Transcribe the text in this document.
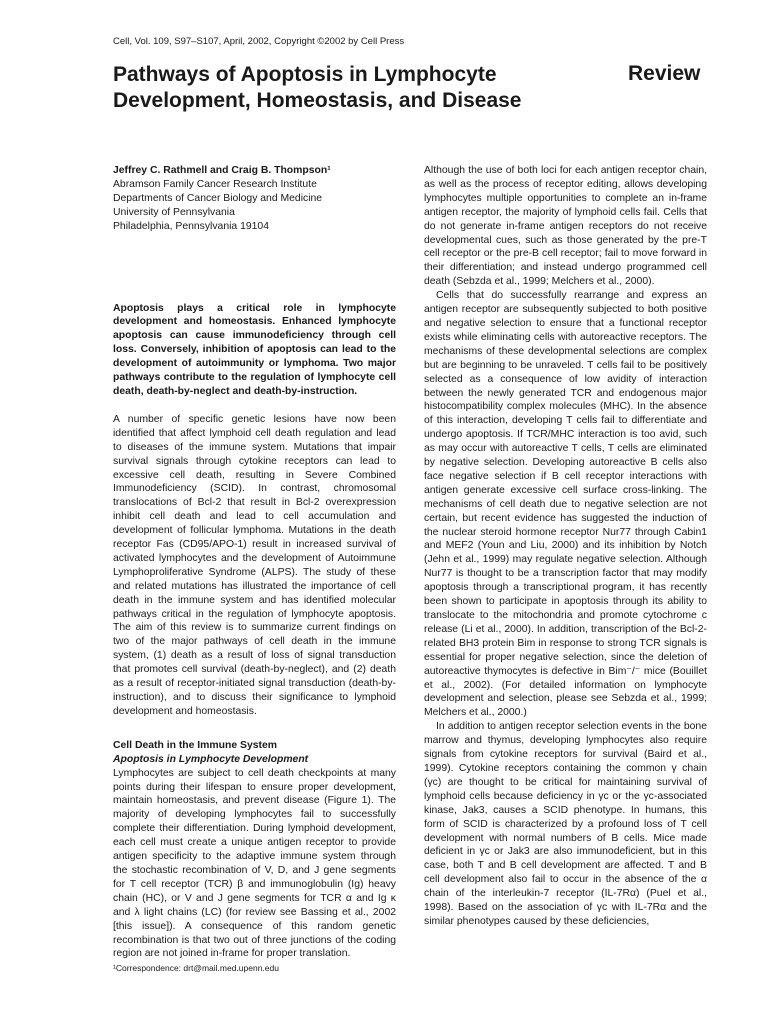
Cell, Vol. 109, S97–S107, April, 2002, Copyright ©2002 by Cell Press
Pathways of Apoptosis in Lymphocyte Development, Homeostasis, and Disease
Review
Jeffrey C. Rathmell and Craig B. Thompson¹
Abramson Family Cancer Research Institute
Departments of Cancer Biology and Medicine
University of Pennsylvania
Philadelphia, Pennsylvania 19104

Apoptosis plays a critical role in lymphocyte development and homeostasis. Enhanced lymphocyte apoptosis can cause immunodeficiency through cell loss. Conversely, inhibition of apoptosis can lead to the development of autoimmunity or lymphoma. Two major pathways contribute to the regulation of lymphocyte cell death, death-by-neglect and death-by-instruction.

A number of specific genetic lesions have now been identified that affect lymphoid cell death regulation and lead to diseases of the immune system. Mutations that impair survival signals through cytokine receptors can lead to excessive cell death, resulting in Severe Combined Immunodeficiency (SCID). In contrast, chromosomal translocations of Bcl-2 that result in Bcl-2 overexpression inhibit cell death and lead to cell accumulation and development of follicular lymphoma. Mutations in the death receptor Fas (CD95/APO-1) result in increased survival of activated lymphocytes and the development of Autoimmune Lymphoproliferative Syndrome (ALPS). The study of these and related mutations has illustrated the importance of cell death in the immune system and has identified molecular pathways critical in the regulation of lymphocyte apoptosis. The aim of this review is to summarize current findings on two of the major pathways of cell death in the immune system, (1) death as a result of loss of signal transduction that promotes cell survival (death-by-neglect), and (2) death as a result of receptor-initiated signal transduction (death-by-instruction), and to discuss their significance to lymphoid development and homeostasis.

Cell Death in the Immune System
Apoptosis in Lymphocyte Development

Lymphocytes are subject to cell death checkpoints at many points during their lifespan to ensure proper development, maintain homeostasis, and prevent disease (Figure 1). The majority of developing lymphocytes fail to successfully complete their differentiation. During lymphoid development, each cell must create a unique antigen receptor to provide antigen specificity to the adaptive immune system through the stochastic recombination of V, D, and J gene segments for T cell receptor (TCR) β and immunoglobulin (Ig) heavy chain (HC), or V and J gene segments for TCR α and Ig κ and λ light chains (LC) (for review see Bassing et al., 2002 [this issue]). A consequence of this random genetic recombination is that two out of three junctions of the coding region are not joined in-frame for proper translation.

Although the use of both loci for each antigen receptor chain, as well as the process of receptor editing, allows developing lymphocytes multiple opportunities to complete an in-frame antigen receptor, the majority of lymphoid cells fail. Cells that do not generate in-frame antigen receptors do not receive developmental cues, such as those generated by the pre-T cell receptor or the pre-B cell receptor; fail to move forward in their differentiation; and instead undergo programmed cell death (Sebzda et al., 1999; Melchers et al., 2000).

Cells that do successfully rearrange and express an antigen receptor are subsequently subjected to both positive and negative selection to ensure that a functional receptor exists while eliminating cells with autoreactive receptors. The mechanisms of these developmental selections are complex but are beginning to be unraveled. T cells fail to be positively selected as a consequence of low avidity of interaction between the newly generated TCR and endogenous major histocompatibility complex molecules (MHC). In the absence of this interaction, developing T cells fail to differentiate and undergo apoptosis. If TCR/MHC interaction is too avid, such as may occur with autoreactive T cells, T cells are eliminated by negative selection. Developing autoreactive B cells also face negative selection if B cell receptor interactions with antigen generate excessive cell surface cross-linking. The mechanisms of cell death due to negative selection are not certain, but recent evidence has suggested the induction of the nuclear steroid hormone receptor Nur77 through Cabin1 and MEF2 (Youn and Liu, 2000) and its inhibition by Notch (Jehn et al., 1999) may regulate negative selection. Although Nur77 is thought to be a transcription factor that may modify apoptosis through a transcriptional program, it has recently been shown to participate in apoptosis through its ability to translocate to the mitochondria and promote cytochrome c release (Li et al., 2000). In addition, transcription of the Bcl-2-related BH3 protein Bim in response to strong TCR signals is essential for proper negative selection, since the deletion of autoreactive thymocytes is defective in Bim⁻/⁻ mice (Bouillet et al., 2002). (For detailed information on lymphocyte development and selection, please see Sebzda et al., 1999; Melchers et al., 2000.)

In addition to antigen receptor selection events in the bone marrow and thymus, developing lymphocytes also require signals from cytokine receptors for survival (Baird et al., 1999). Cytokine receptors containing the common γ chain (γc) are thought to be critical for maintaining survival of lymphoid cells because deficiency in γc or the γc-associated kinase, Jak3, causes a SCID phenotype. In humans, this form of SCID is characterized by a profound loss of T cell development with normal numbers of B cells. Mice made deficient in γc or Jak3 are also immunodeficient, but in this case, both T and B cell development are affected. T and B cell development also fail to occur in the absence of the α chain of the interleukin-7 receptor (IL-7Rα) (Puel et al., 1998). Based on the association of γc with IL-7Rα and the similar phenotypes caused by these deficiencies,

¹Correspondence: drt@mail.med.upenn.edu
